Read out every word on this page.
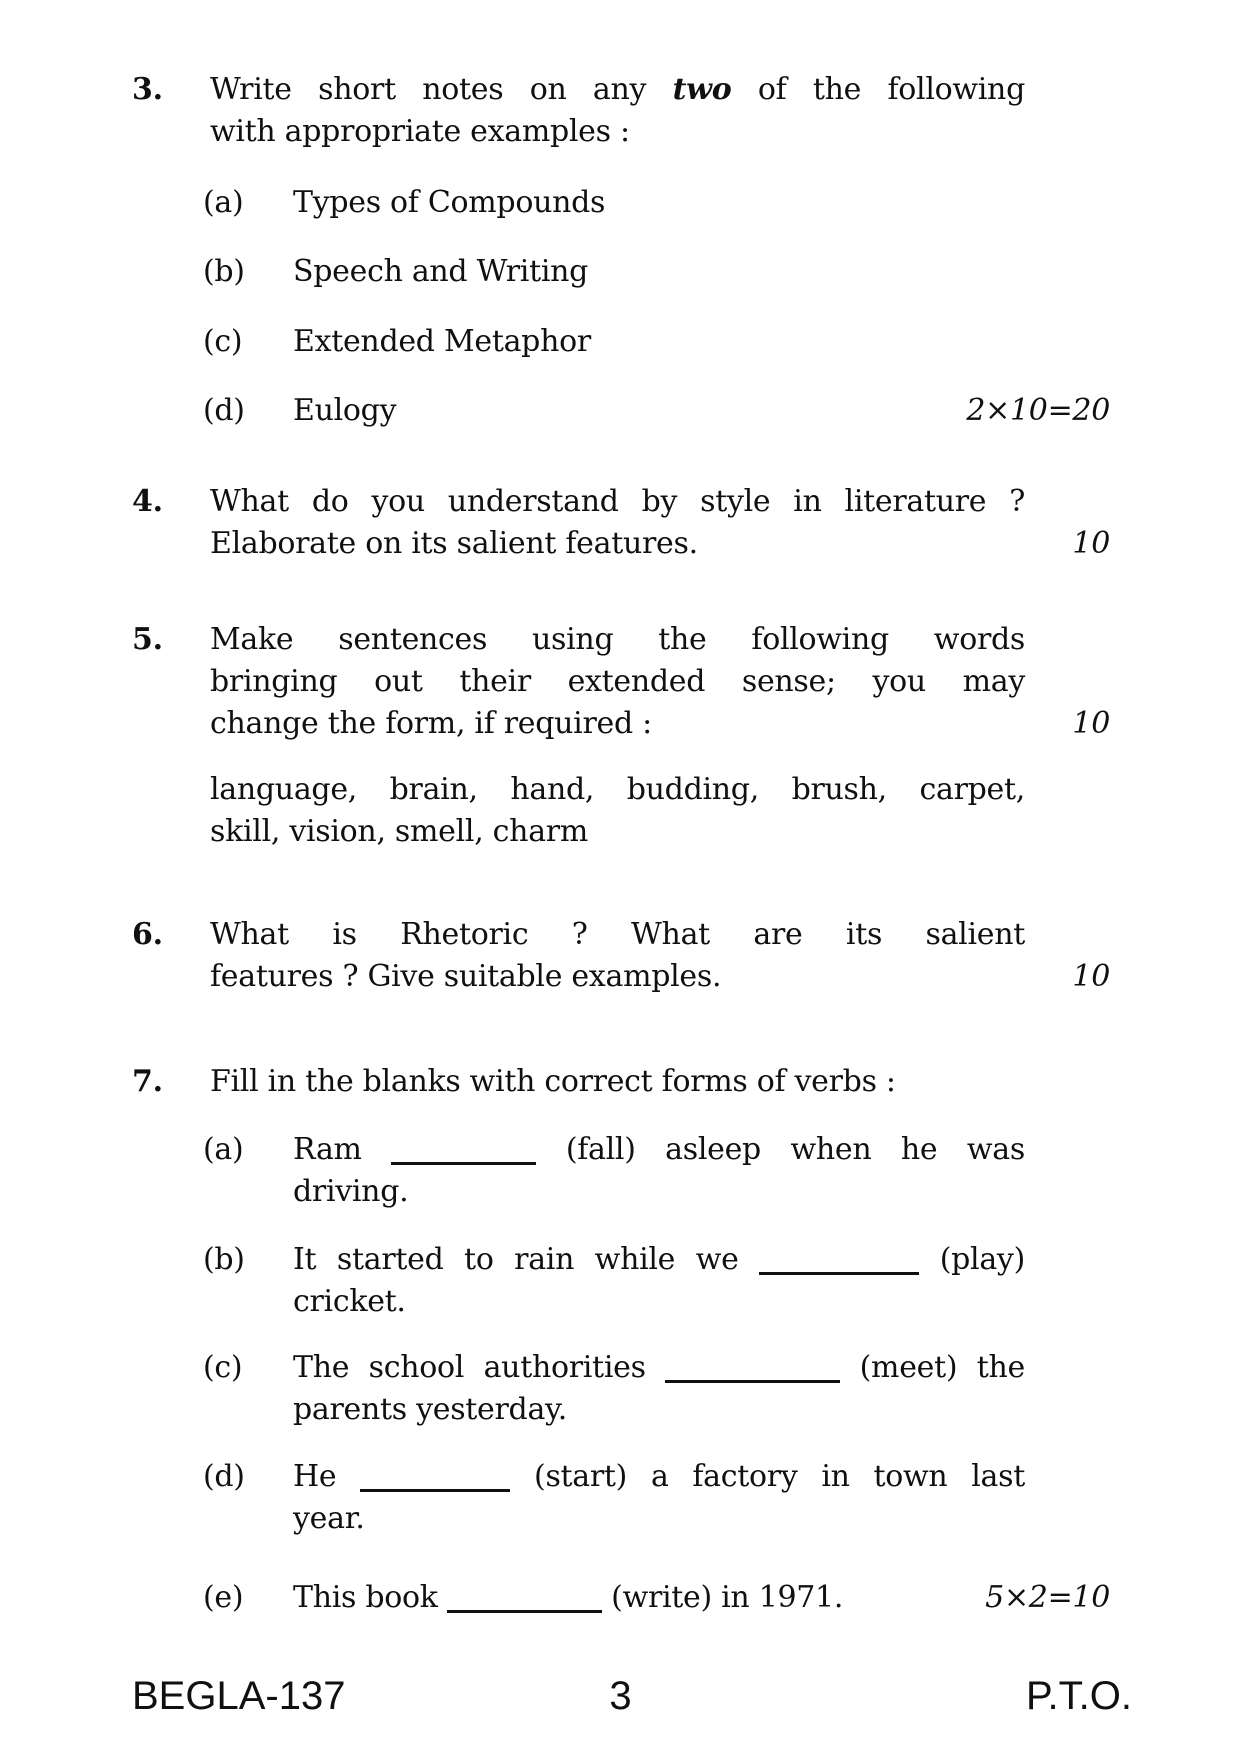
3.	Write short notes on any two of the following
with appropriate examples :
2×10=20
(a)	Types of Compounds
(b)	Speech and Writing
(c)	Extended Metaphor
(d)	Eulogy
4.	What do you understand by style in literature ?
Elaborate on its salient features.	10
5.	Make sentences using the following words
bringing out their extended sense; you may
change the form, if required :	10
language, brain, hand, budding, brush, carpet,
skill, vision, smell, charm
6.	What is Rhetoric ? What are its salient
features ? Give suitable examples.	10
7.	Fill in the blanks with correct forms of verbs :
5×2=10
(a)	Ram	(fall) asleep when he was
driving.
(b)	It started to rain while we	(play)
cricket.
(c)	The school authorities	(meet) the
parents yesterday.
(d)	He	(start) a factory in town last
year.
(e)	This book	(write) in 1971.
BEGLA-137	3	P.T.O.
